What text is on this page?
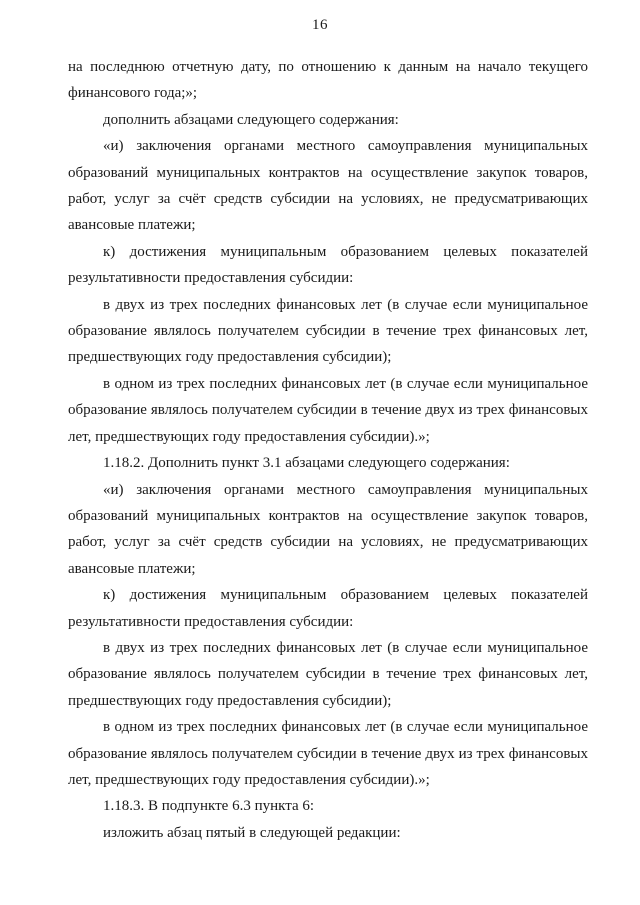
16

на последнюю отчетную дату, по отношению к данным на начало текущего финансового года;»;

дополнить абзацами следующего содержания:

«и) заключения органами местного самоуправления муниципальных образований муниципальных контрактов на осуществление закупок товаров, работ, услуг за счёт средств субсидии на условиях, не предусматривающих авансовые платежи;

к) достижения муниципальным образованием целевых показателей результативности предоставления субсидии:

в двух из трех последних финансовых лет (в случае если муниципальное образование являлось получателем субсидии в течение трех финансовых лет, предшествующих году предоставления субсидии);

в одном из трех последних финансовых лет (в случае если муниципальное образование являлось получателем субсидии в течение двух из трех финансовых лет, предшествующих году предоставления субсидии).»;

1.18.2. Дополнить пункт 3.1 абзацами следующего содержания:

«и) заключения органами местного самоуправления муниципальных образований муниципальных контрактов на осуществление закупок товаров, работ, услуг за счёт средств субсидии на условиях, не предусматривающих авансовые платежи;

к) достижения муниципальным образованием целевых показателей результативности предоставления субсидии:

в двух из трех последних финансовых лет (в случае если муниципальное образование являлось получателем субсидии в течение трех финансовых лет, предшествующих году предоставления субсидии);

в одном из трех последних финансовых лет (в случае если муниципальное образование являлось получателем субсидии в течение двух из трех финансовых лет, предшествующих году предоставления субсидии).»;

1.18.3. В подпункте 6.3 пункта 6:

изложить абзац пятый в следующей редакции:
